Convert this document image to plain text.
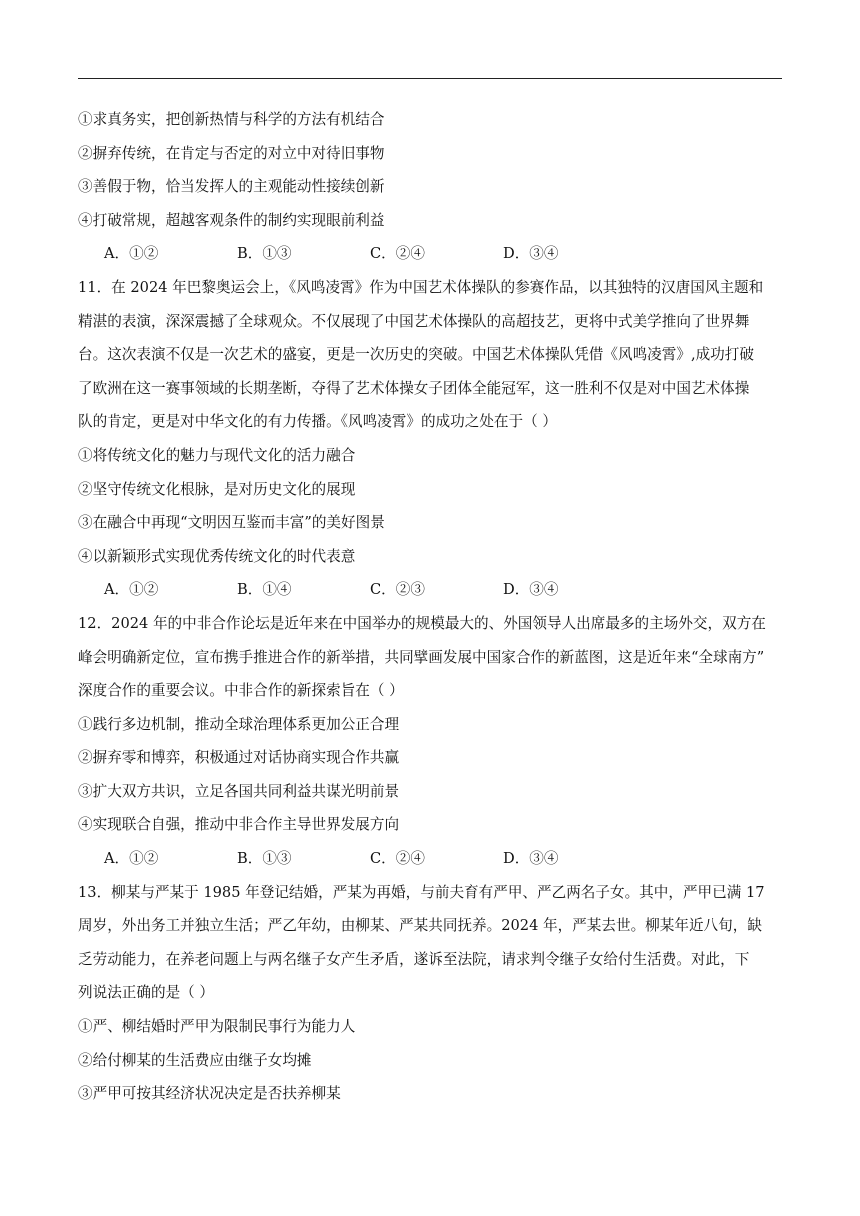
①求真务实，把创新热情与科学的方法有机结合
②摒弃传统，在肯定与否定的对立中对待旧事物
③善假于物，恰当发挥人的主观能动性接续创新
④打破常规，超越客观条件的制约实现眼前利益
A．①②	B．①③	C．②④	D．③④
11．在 2024 年巴黎奥运会上，《风鸣凌霄》作为中国艺术体操队的参赛作品，以其独特的汉唐国风主题和
精湛的表演，深深震撼了全球观众。不仅展现了中国艺术体操队的高超技艺，更将中式美学推向了世界舞
台。这次表演不仅是一次艺术的盛宴，更是一次历史的突破。中国艺术体操队凭借《风鸣凌霄》,成功打破
了欧洲在这一赛事领域的长期垄断，夺得了艺术体操女子团体全能冠军，这一胜利不仅是对中国艺术体操
队的肯定，更是对中华文化的有力传播。《风鸣凌霄》的成功之处在于（ ）
①将传统文化的魅力与现代文化的活力融合
②坚守传统文化根脉，是对历史文化的展现
③在融合中再现“文明因互鉴而丰富”的美好图景
④以新颖形式实现优秀传统文化的时代表意
A．①②	B．①④	C．②③	D．③④
12．2024 年的中非合作论坛是近年来在中国举办的规模最大的、外国领导人出席最多的主场外交，双方在
峰会明确新定位，宣布携手推进合作的新举措，共同擘画发展中国家合作的新蓝图，这是近年来“全球南方”
深度合作的重要会议。中非合作的新探索旨在（ ）
①践行多边机制，推动全球治理体系更加公正合理
②摒弃零和博弈，积极通过对话协商实现合作共赢
③扩大双方共识，立足各国共同利益共谋光明前景
④实现联合自强，推动中非合作主导世界发展方向
A．①②	B．①③	C．②④	D．③④
13．柳某与严某于 1985 年登记结婚，严某为再婚，与前夫育有严甲、严乙两名子女。其中，严甲已满 17
周岁，外出务工并独立生活；严乙年幼，由柳某、严某共同抚养。2024 年，严某去世。柳某年近八旬，缺
乏劳动能力，在养老问题上与两名继子女产生矛盾，遂诉至法院，请求判令继子女给付生活费。对此，下
列说法正确的是（ ）
①严、柳结婚时严甲为限制民事行为能力人
②给付柳某的生活费应由继子女均摊
③严甲可按其经济状况决定是否扶养柳某
